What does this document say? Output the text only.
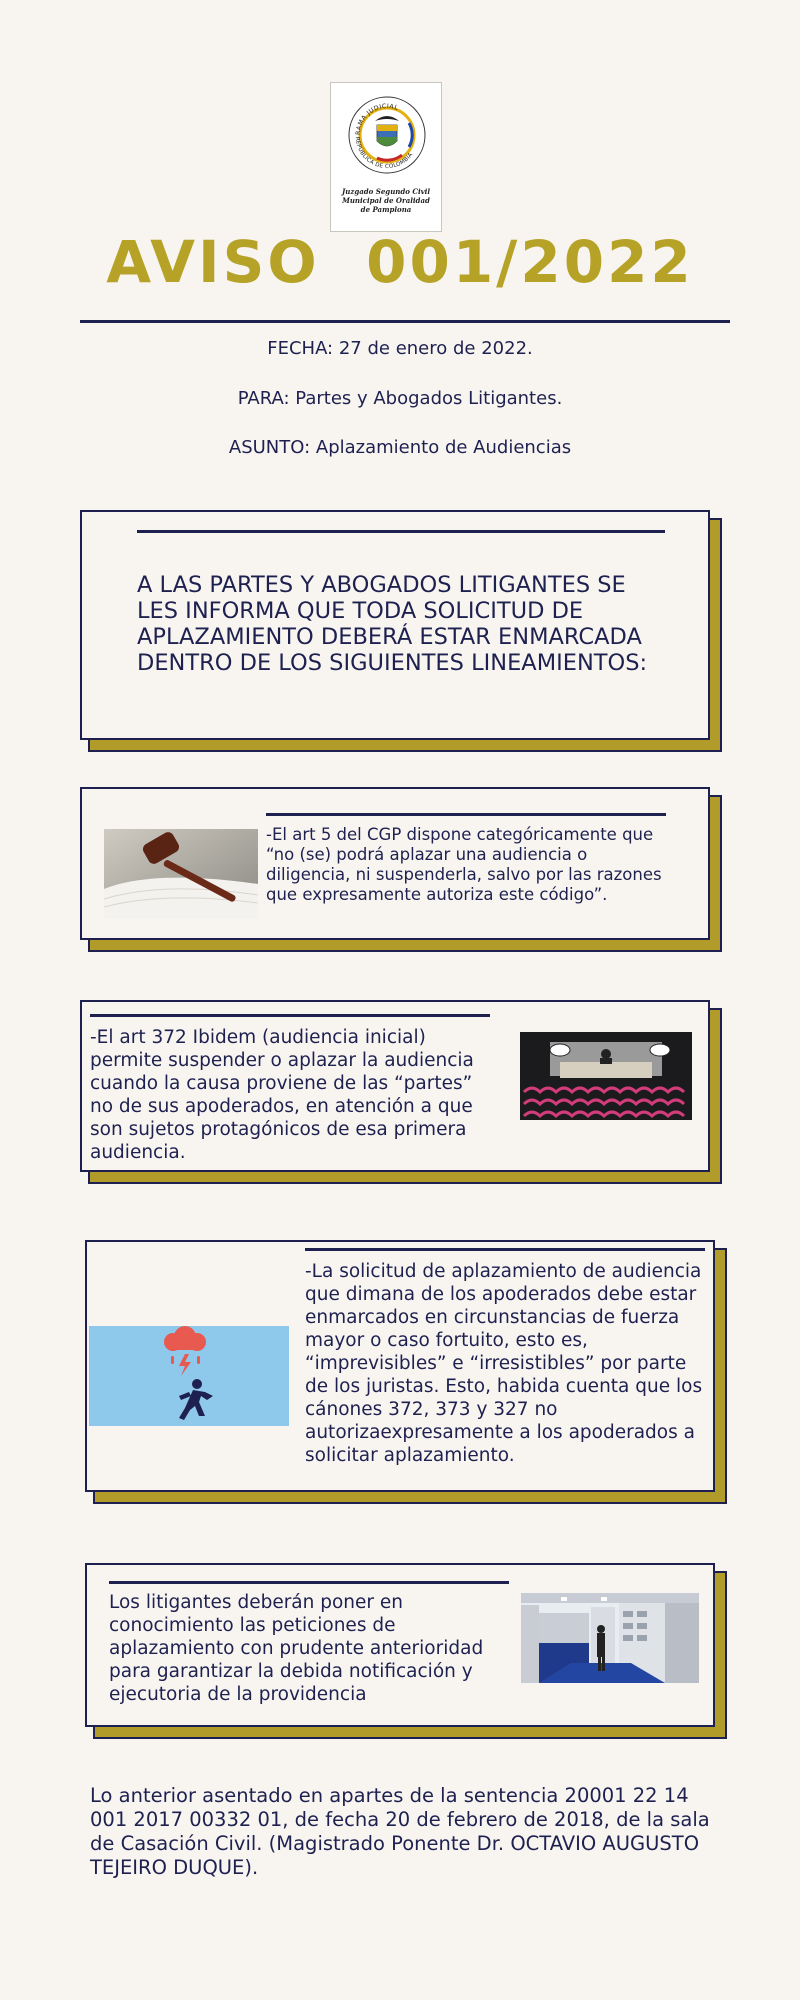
RAMA JUDICIAL
REPÚBLICA DE COLOMBIA
Juzgado Segundo Civil
Municipal de Oralidad
de Pamplona
AVISO  001/2022
FECHA: 27 de enero de 2022.
PARA: Partes y Abogados Litigantes.
ASUNTO: Aplazamiento de Audiencias
A LAS PARTES Y ABOGADOS LITIGANTES SE LES INFORMA QUE TODA SOLICITUD DE APLAZAMIENTO DEBERÁ ESTAR ENMARCADA DENTRO DE LOS SIGUIENTES LINEAMIENTOS:
-El art 5 del CGP dispone categóricamente que “no (se) podrá aplazar una audiencia o diligencia, ni suspenderla, salvo por las razones que expresamente autoriza este código”.
-El art 372 Ibidem (audiencia inicial) permite suspender o aplazar la audiencia cuando la causa proviene de las “partes” no de sus apoderados, en atención a que son sujetos protagónicos de esa primera audiencia.
-La solicitud de aplazamiento de audiencia que dimana de los apoderados debe estar enmarcados en circunstancias de fuerza mayor o caso fortuito, esto es, “imprevisibles” e “irresistibles” por parte de los juristas. Esto, habida cuenta que los cánones 372, 373 y 327 no autorizaexpresamente a los apoderados a solicitar aplazamiento.
Los litigantes deberán poner en conocimiento las peticiones de aplazamiento con prudente anterioridad para garantizar la debida notificación y ejecutoria de la providencia
Lo anterior asentado en apartes de la sentencia 20001 22 14 001 2017 00332 01, de fecha 20 de febrero de 2018, de la sala de Casación Civil. (Magistrado Ponente Dr. OCTAVIO AUGUSTO TEJEIRO DUQUE).
